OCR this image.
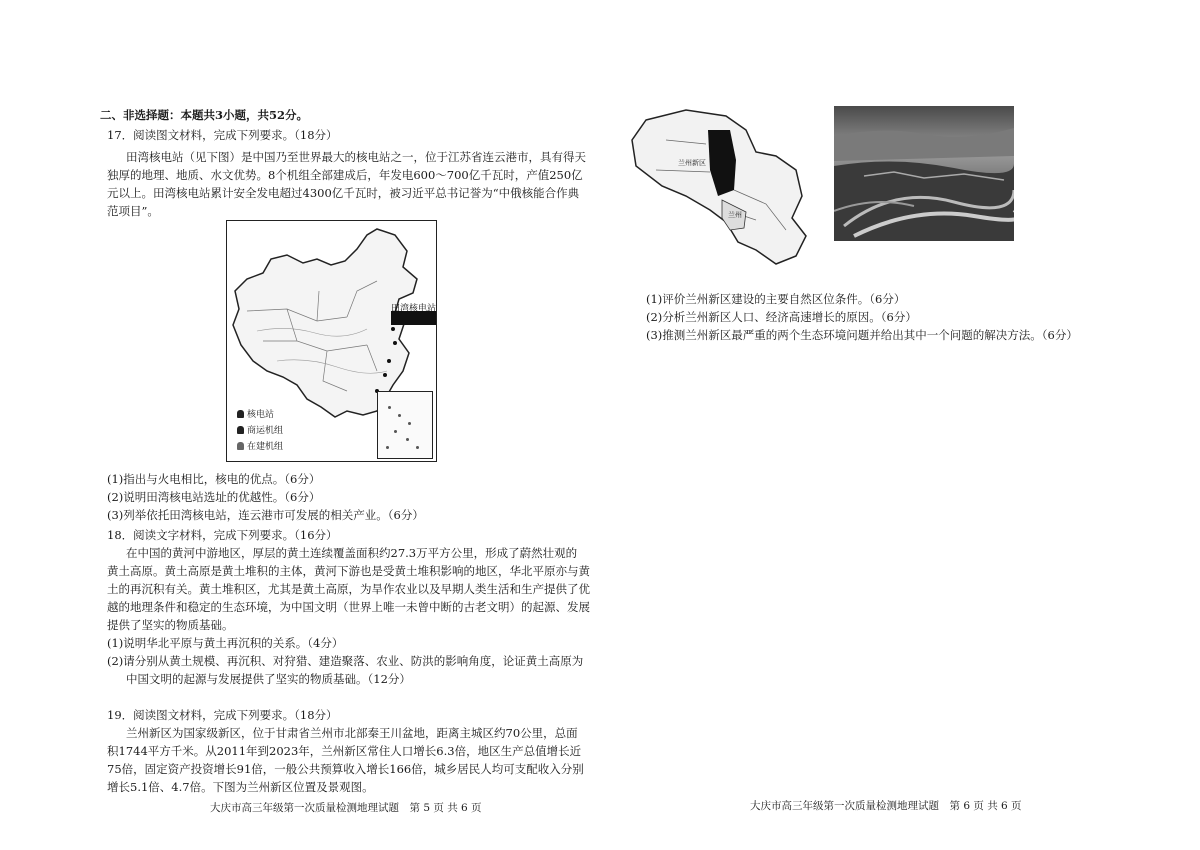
二、非选择题：本题共3小题，共52分。
17．阅读图文材料，完成下列要求。（18分）
田湾核电站（见下图）是中国乃至世界最大的核电站之一，位于江苏省连云港市，具有得天
独厚的地理、地质、水文优势。8个机组全部建成后，年发电600～700亿千瓦时，产值250亿
元以上。田湾核电站累计安全发电超过4300亿千瓦时，被习近平总书记誉为“中俄核能合作典
范项目”。
田湾核电站
核电站
商运机组
在建机组
(1)指出与火电相比，核电的优点。（6分）
(2)说明田湾核电站选址的优越性。（6分）
(3)列举依托田湾核电站，连云港市可发展的相关产业。（6分）
18．阅读文字材料，完成下列要求。（16分）
在中国的黄河中游地区，厚层的黄土连续覆盖面积约27.3万平方公里，形成了蔚然壮观的
黄土高原。黄土高原是黄土堆积的主体，黄河下游也是受黄土堆积影响的地区，华北平原亦与黄
土的再沉积有关。黄土堆积区，尤其是黄土高原，为旱作农业以及早期人类生活和生产提供了优
越的地理条件和稳定的生态环境，为中国文明（世界上唯一未曾中断的古老文明）的起源、发展
提供了坚实的物质基础。
(1)说明华北平原与黄土再沉积的关系。（4分）
(2)请分别从黄土规模、再沉积、对狩猎、建造聚落、农业、防洪的影响角度，论证黄土高原为
中国文明的起源与发展提供了坚实的物质基础。（12分）
19．阅读图文材料，完成下列要求。（18分）
兰州新区为国家级新区，位于甘肃省兰州市北部秦王川盆地，距离主城区约70公里，总面
积1744平方千米。从2011年到2023年，兰州新区常住人口增长6.3倍，地区生产总值增长近
75倍，固定资产投资增长91倍，一般公共预算收入增长166倍，城乡居民人均可支配收入分别
增长5.1倍、4.7倍。下图为兰州新区位置及景观图。
大庆市高三年级第一次质量检测地理试题　第 5 页 共 6 页
兰州新区
兰州
(1)评价兰州新区建设的主要自然区位条件。（6分）
(2)分析兰州新区人口、经济高速增长的原因。（6分）
(3)推测兰州新区最严重的两个生态环境问题并给出其中一个问题的解决方法。（6分）
大庆市高三年级第一次质量检测地理试题　第 6 页 共 6 页
